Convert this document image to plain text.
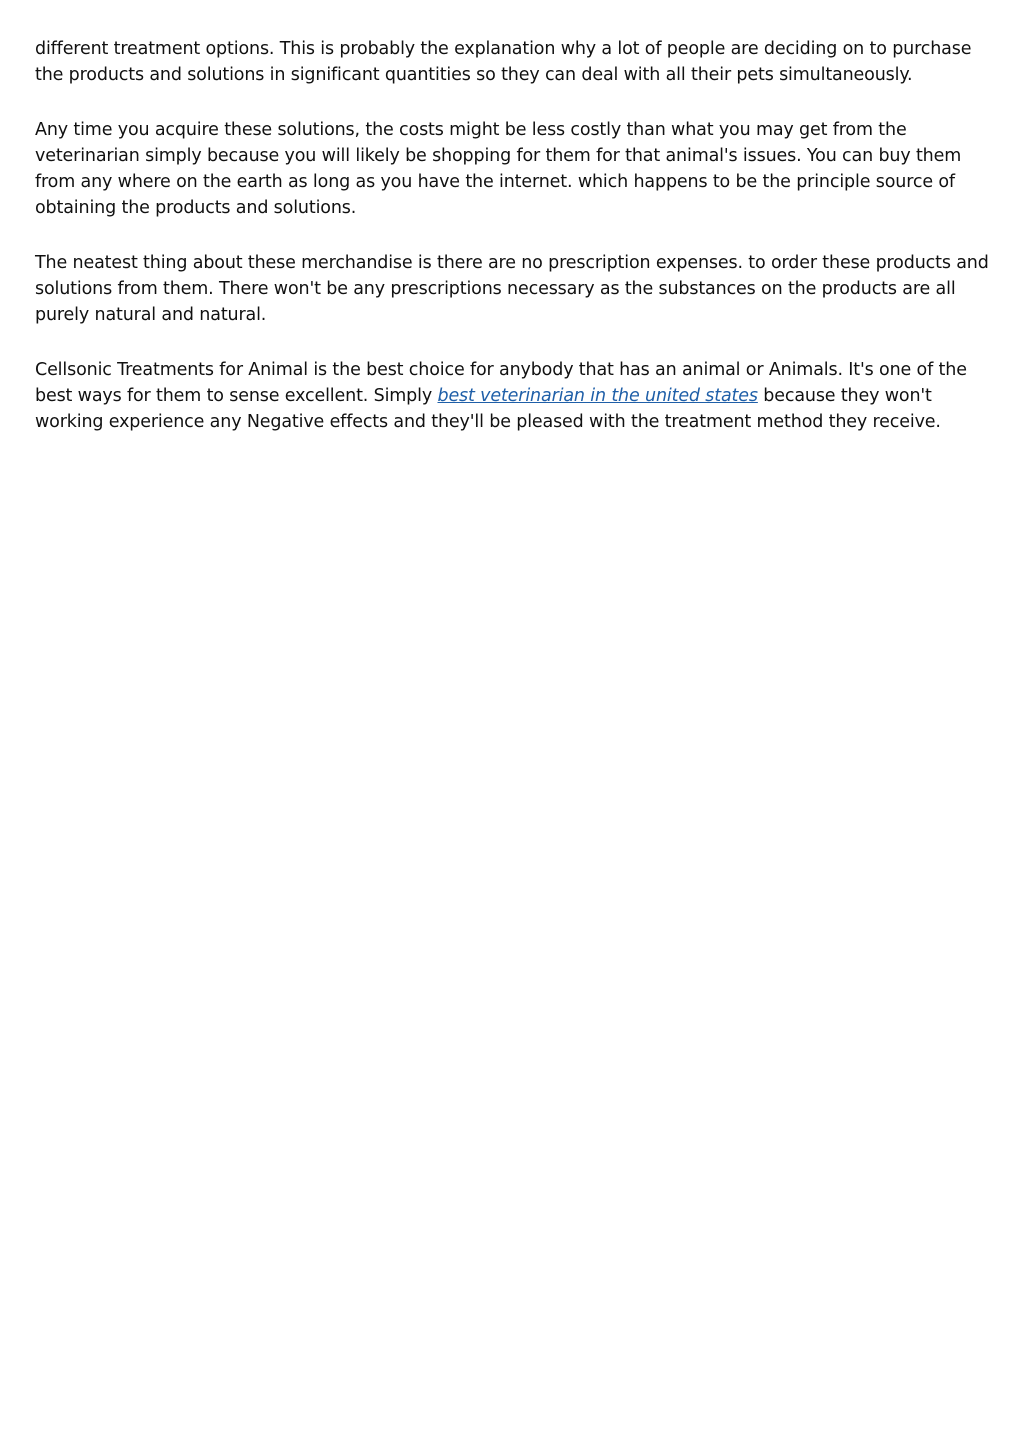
different treatment options. This is probably the explanation why a lot of people are deciding on to purchase the products and solutions in significant quantities so they can deal with all their pets simultaneously.

Any time you acquire these solutions, the costs might be less costly than what you may get from the veterinarian simply because you will likely be shopping for them for that animal's issues. You can buy them from any where on the earth as long as you have the internet. which happens to be the principle source of obtaining the products and solutions.

The neatest thing about these merchandise is there are no prescription expenses. to order these products and solutions from them. There won't be any prescriptions necessary as the substances on the products are all purely natural and natural.

Cellsonic Treatments for Animal is the best choice for anybody that has an animal or Animals. It's one of the best ways for them to sense excellent. Simply best veterinarian in the united states because they won't working experience any Negative effects and they'll be pleased with the treatment method they receive.
